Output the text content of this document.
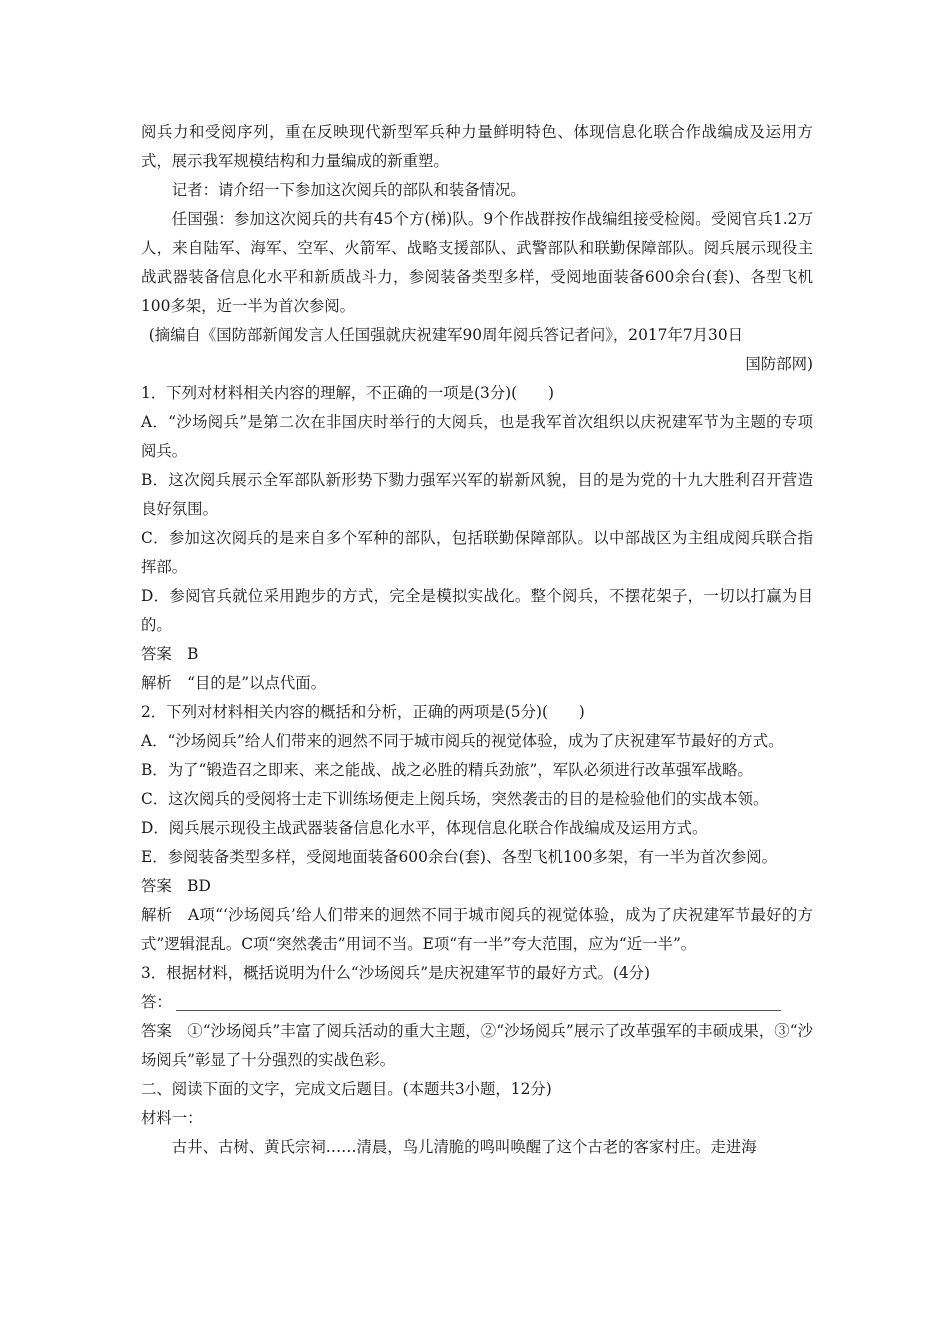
阅兵力和受阅序列，重在反映现代新型军兵种力量鲜明特色、体现信息化联合作战编成及运用方式，展示我军规模结构和力量编成的新重塑。

记者：请介绍一下参加这次阅兵的部队和装备情况。

任国强：参加这次阅兵的共有45个方(梯)队。9个作战群按作战编组接受检阅。受阅官兵1.2万人，来自陆军、海军、空军、火箭军、战略支援部队、武警部队和联勤保障部队。阅兵展示现役主战武器装备信息化水平和新质战斗力，参阅装备类型多样，受阅地面装备600余台(套)、各型飞机100多架，近一半为首次参阅。

(摘编自《国防部新闻发言人任国强就庆祝建军90周年阅兵答记者问》，2017年7月30日

国防部网)

1．下列对材料相关内容的理解，不正确的一项是(3分)(　　)

A．“沙场阅兵”是第二次在非国庆时举行的大阅兵，也是我军首次组织以庆祝建军节为主题的专项阅兵。

B．这次阅兵展示全军部队新形势下勠力强军兴军的崭新风貌，目的是为党的十九大胜利召开营造良好氛围。

C．参加这次阅兵的是来自多个军种的部队，包括联勤保障部队。以中部战区为主组成阅兵联合指挥部。

D．参阅官兵就位采用跑步的方式，完全是模拟实战化。整个阅兵，不摆花架子，一切以打赢为目的。

答案　B

解析　“目的是”以点代面。

2．下列对材料相关内容的概括和分析，正确的两项是(5分)(　　)

A．“沙场阅兵”给人们带来的迥然不同于城市阅兵的视觉体验，成为了庆祝建军节最好的方式。

B．为了“锻造召之即来、来之能战、战之必胜的精兵劲旅”，军队必须进行改革强军战略。

C．这次阅兵的受阅将士走下训练场便走上阅兵场，突然袭击的目的是检验他们的实战本领。

D．阅兵展示现役主战武器装备信息化水平，体现信息化联合作战编成及运用方式。

E．参阅装备类型多样，受阅地面装备600余台(套)、各型飞机100多架，有一半为首次参阅。

答案　BD

解析　A项“‘沙场阅兵’给人们带来的迥然不同于城市阅兵的视觉体验，成为了庆祝建军节最好的方式”逻辑混乱。C项“突然袭击”用词不当。E项“有一半”夸大范围，应为“近一半”。

3．根据材料，概括说明为什么“沙场阅兵”是庆祝建军节的最好方式。(4分)

答：

答案　①“沙场阅兵”丰富了阅兵活动的重大主题，②“沙场阅兵”展示了改革强军的丰硕成果，③“沙场阅兵”彰显了十分强烈的实战色彩。

二、阅读下面的文字，完成文后题目。(本题共3小题，12分)

材料一：

古井、古树、黄氏宗祠……清晨，鸟儿清脆的鸣叫唤醒了这个古老的客家村庄。走进海
